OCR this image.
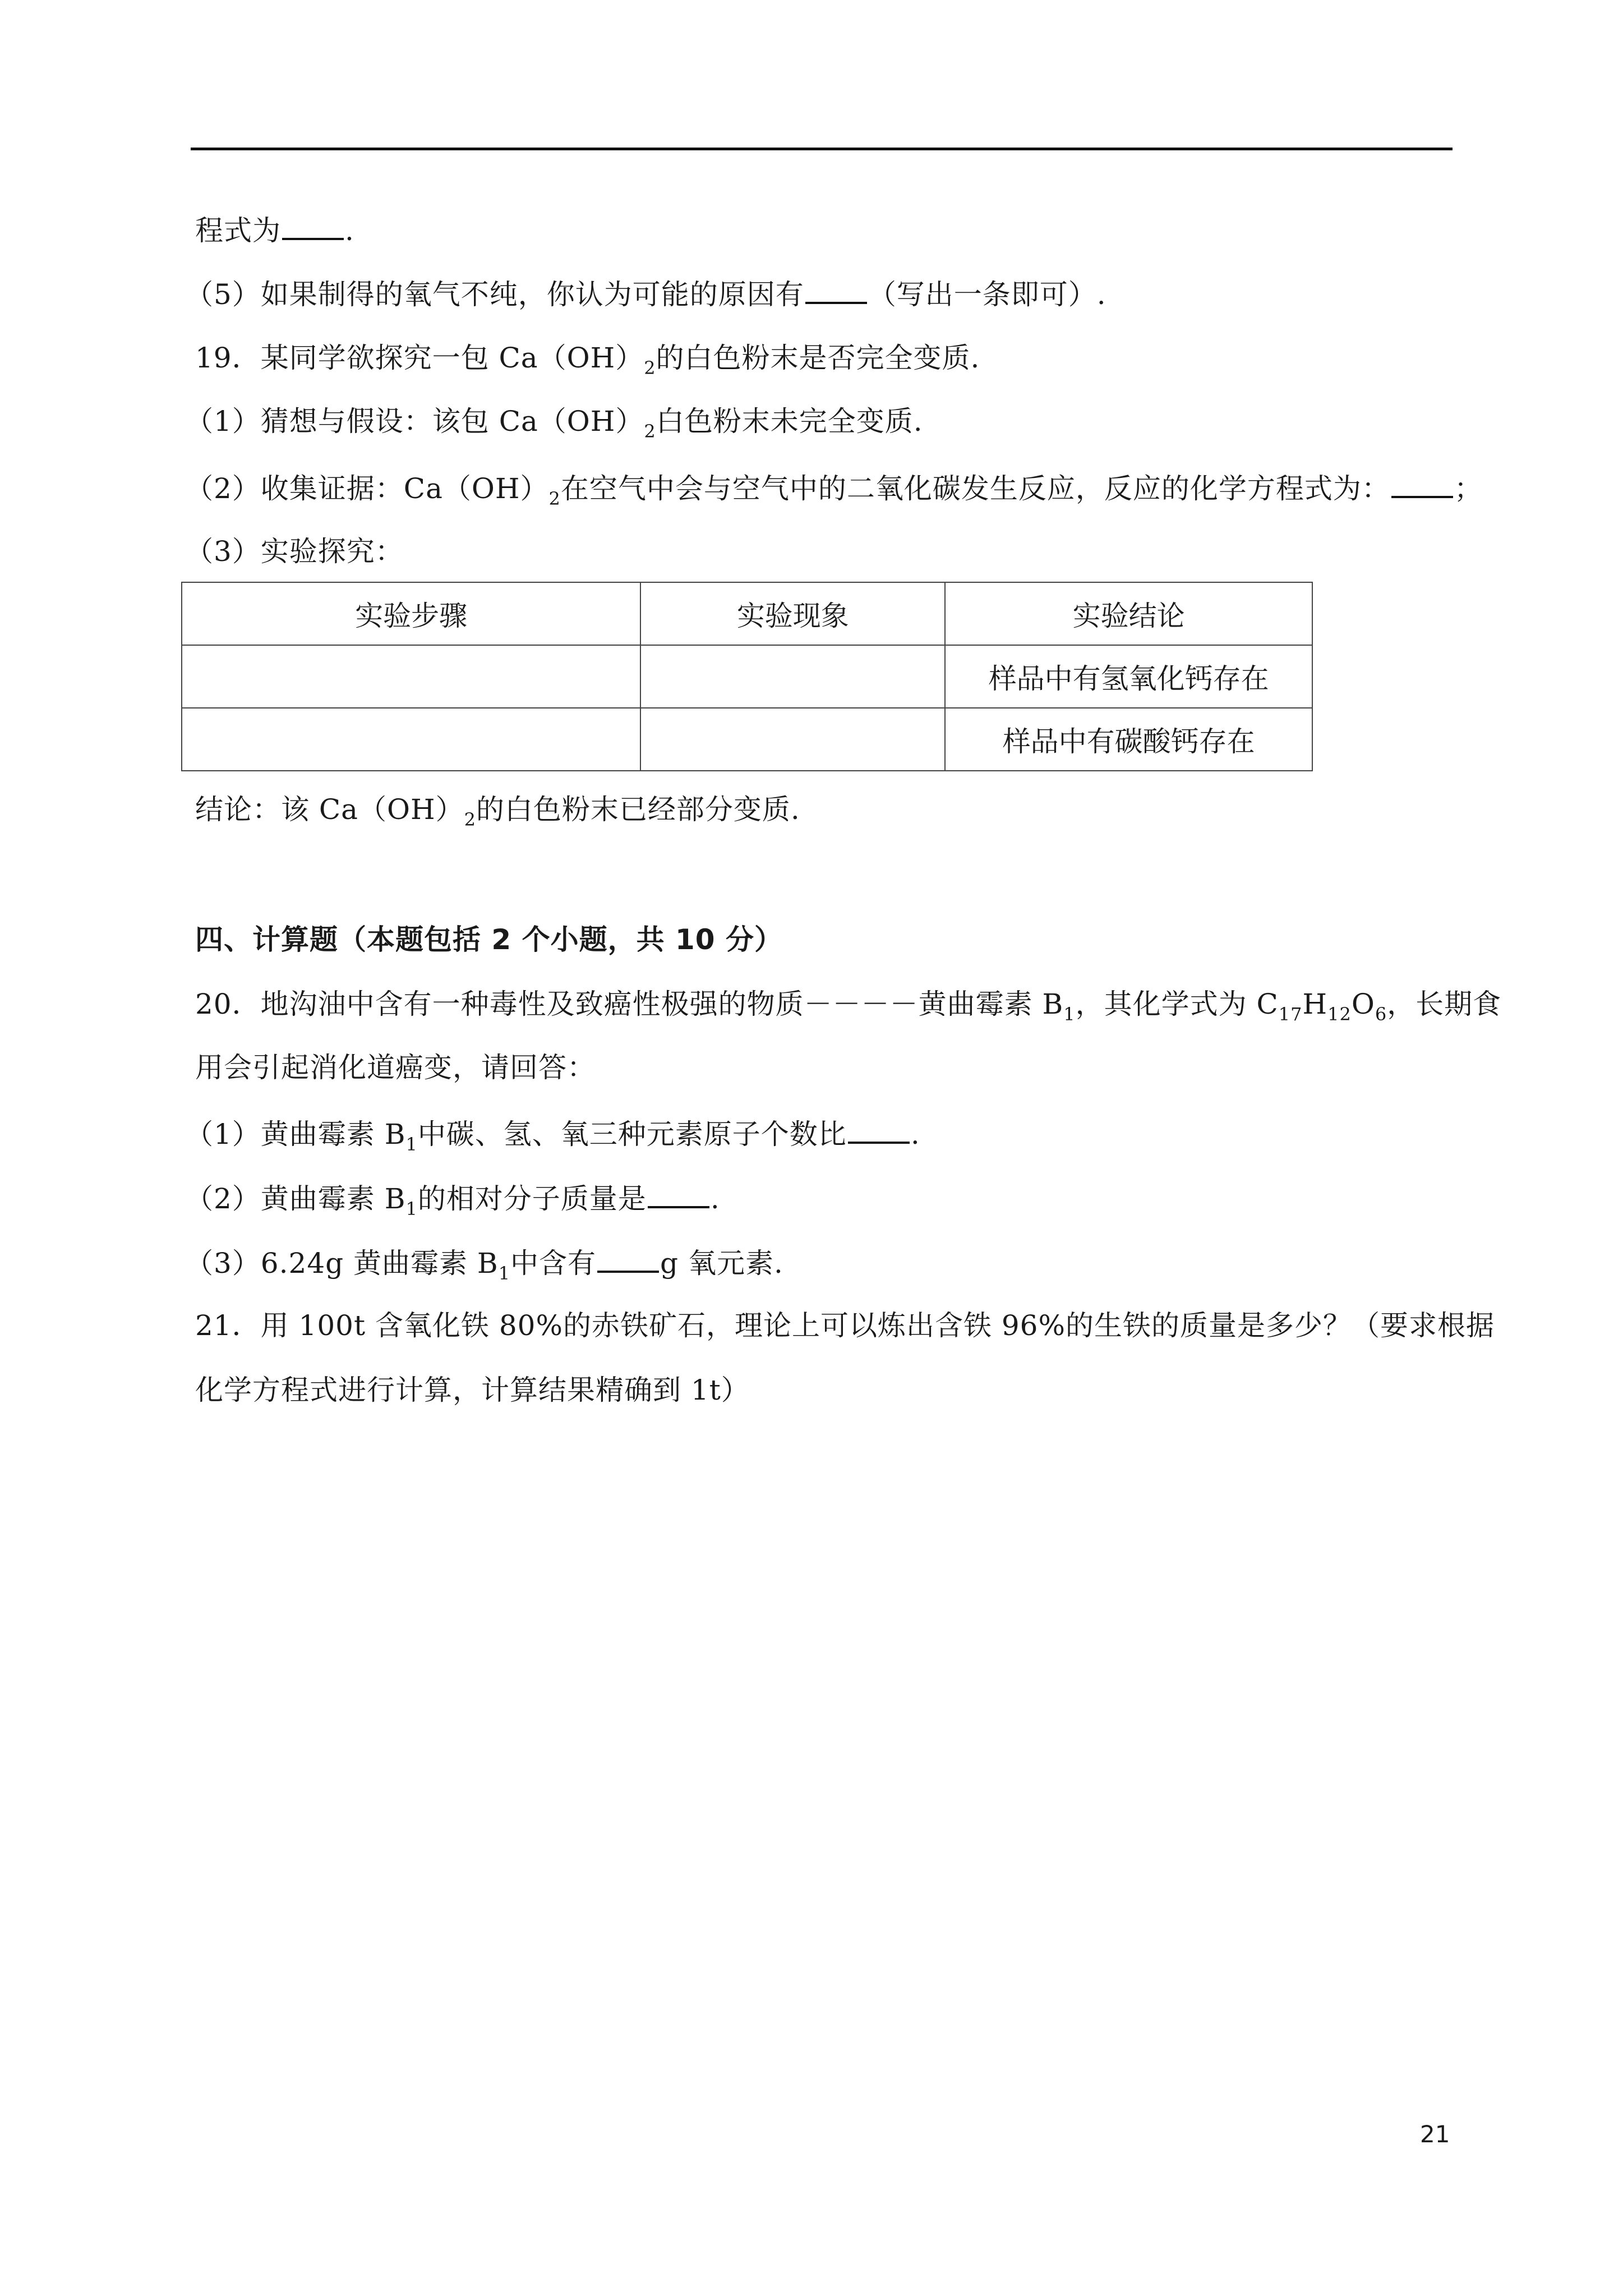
程式为 .
（5）如果制得的氧气不纯，你认为可能的原因有 （写出一条即可）.
19．某同学欲探究一包 $Ca(OH)_2$的白色粉末是否完全变质.
（1）猜想与假设：该包 $Ca(OH)_2$白色粉末未完全变质.
（2）收集证据：$Ca(OH)_2$在空气中会与空气中的二氧化碳发生反应，反应的化学方程式为： ；
（3）实验探究：
实验步骤	实验现象	实验结论
		样品中有氢氧化钙存在
		样品中有碳酸钙存在
结论：该 $Ca(OH)_2$的白色粉末已经部分变质.
四、计算题（本题包括 2 个小题，共 10 分）
20．地沟油中含有一种毒性及致癌性极强的物质－－－－黄曲霉素 $B_1$，其化学式为 $C_{17}H_{12}O_6$，长期食
用会引起消化道癌变，请回答：
（1）黄曲霉素 $B_1$中碳、氢、氧三种元素原子个数比 .
（2）黄曲霉素 $B_1$的相对分子质量是 .
（3）6.24g 黄曲霉素 $B_1$中含有 g 氧元素.
21．用 100t 含氧化铁 80%的赤铁矿石，理论上可以炼出含铁 96%的生铁的质量是多少？（要求根据
化学方程式进行计算，计算结果精确到 1t）
21
